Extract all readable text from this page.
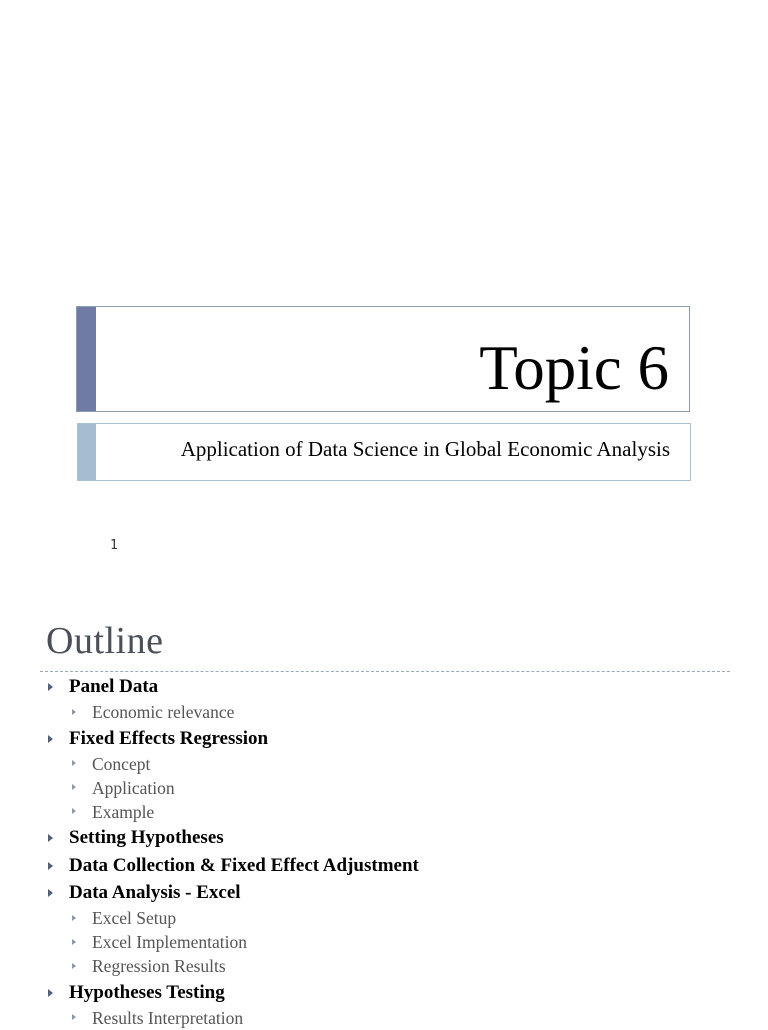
Topic 6
Application of Data Science in Global Economic Analysis
1
Outline
Panel Data
Economic relevance
Fixed Effects Regression
Concept
Application
Example
Setting Hypotheses
Data Collection & Fixed Effect Adjustment
Data Analysis - Excel
Excel Setup
Excel Implementation
Regression Results
Hypotheses Testing
Results Interpretation
